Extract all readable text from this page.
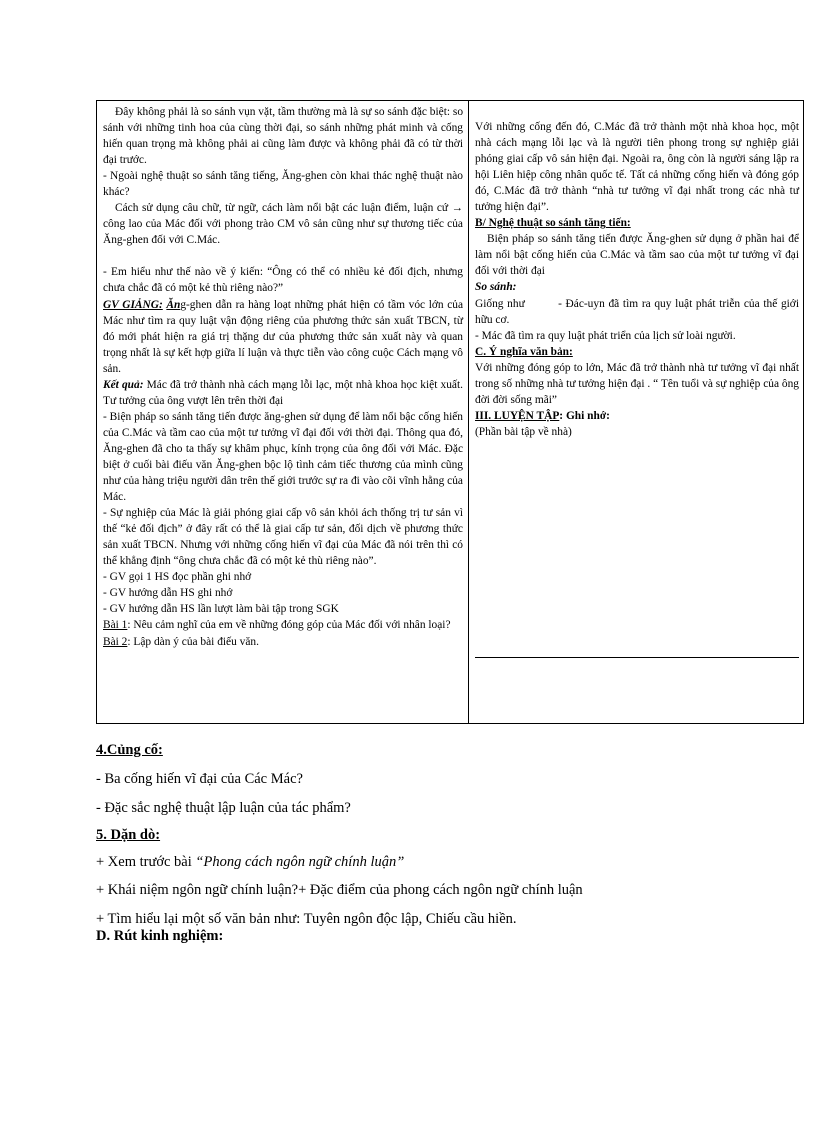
Đây không phải là so sánh vụn vặt, tầm thường mà là sự so sánh đặc biệt: so sánh với những tinh hoa của cùng thời đại, so sánh những phát minh và cống hiến quan trọng mà không phải ai cũng làm được và không phải đã có từ thời đại trước.

- Ngoài nghệ thuật so sánh tăng tiếng, Ăng-ghen còn khai thác nghệ thuật nào khác?

Cách sử dụng câu chữ, từ ngữ, cách làm nổi bật các luận điểm, luận cứ → công lao của Mác đối với phong trào CM vô sản cũng như sự thương tiếc của Ăng-ghen đối với C.Mác.

- Em hiểu như thế nào về ý kiến: “Ông có thể có nhiều kẻ đối địch, nhưng chưa chắc đã có một kẻ thù riêng nào?”

GV GIẢNG: Ăng-ghen dẫn ra hàng loạt những phát hiện có tầm vóc lớn của Mác như tìm ra quy luật vận động riêng của phương thức sản xuất TBCN, từ đó mới phát hiện ra giá trị thặng dư của phương thức sản xuất này và quan trọng nhất là sự kết hợp giữa lí luận và thực tiễn vào công cuộc Cách mạng vô sản.

Kết quả: Mác đã trở thành nhà cách mạng lỗi lạc, một nhà khoa học kiệt xuất. Tư tưởng của ông vượt lên trên thời đại

- Biện pháp so sánh tăng tiến được ăng-ghen sử dụng để làm nổi bậc cống hiến của C.Mác và tầm cao của một tư tưởng vĩ đại đối với thời đại. Thông qua đó, Ăng-ghen đã cho ta thấy sự khâm phục, kính trọng của ông đối với Mác. Đặc biệt ở cuối bài điếu văn Ăng-ghen bộc lộ tình cảm tiếc thương của mình cũng như của hàng triệu người dân trên thế giới trước sự ra đi vào cõi vĩnh hằng của Mác.

- Sự nghiệp của Mác là giải phóng giai cấp vô sản khỏi ách thống trị tư sản vì thế “kẻ đối địch” ở đây rất có thể là giai cấp tư sản, đối dịch về phương thức sản xuất TBCN. Nhưng với những cống hiến vĩ đại của Mác đã nói trên thì có thể khẳng định “ông chưa chắc đã có một kẻ thù riêng nào”.

- GV gọi 1 HS đọc phần ghi nhớ

- GV hướng dẫn HS ghi nhớ

- GV hướng dẫn HS lần lượt làm bài tập trong SGK

Bài 1: Nêu cảm nghĩ của em về những đóng góp của Mác đối với nhân loại?

Bài 2: Lập dàn ý của bài điếu văn.

Với những cống đến đó, C.Mác đã trở thành một nhà khoa học, một nhà cách mạng lỗi lạc và là người tiên phong trong sự nghiệp giải phóng giai cấp vô sản hiện đại. Ngoài ra, ông còn là người sáng lập ra hội Liên hiệp công nhân quốc tế. Tất cả những cống hiến và đóng góp đó, C.Mác đã trở thành “nhà tư tưởng vĩ đại nhất trong các nhà tư tưởng hiện đại”.

B/ Nghệ thuật so sánh tăng tiến:

Biện pháp so sánh tăng tiến được Ăng-ghen sử dụng ở phần hai để làm nổi bật cống hiến của C.Mác và tầm sao của một tư tưởng vĩ đại đối với thời đại

So sánh:

Giống như	- Đác-uyn đã tìm ra quy luật phát triễn của thế giới hữu cơ.

- Mác đã tìm ra quy luật phát triển của lịch sử loài người.

C. Ý nghĩa văn bản:

Với những đóng góp to lớn, Mác đã trở thành nhà tư tưởng vĩ đại nhất trong số những nhà tư tưởng hiện đại . “ Tên tuổi và sự nghiệp của ông đời đời sống mãi”

III. LUYỆN TẬP: Ghi nhớ:

(Phần bài tập về nhà)

4.Củng cố:

- Ba cống hiến vĩ đại của Các Mác?

- Đặc sắc nghệ thuật lập luận của tác phẩm?

5. Dặn dò:

+ Xem trước bài “Phong cách ngôn ngữ chính luận”

+ Khái niệm ngôn ngữ chính luận?+ Đặc điểm của phong cách ngôn ngữ chính luận

+ Tìm hiểu lại một số văn bản như: Tuyên ngôn độc lập, Chiếu cầu hiền.

D. Rút kinh nghiệm:
